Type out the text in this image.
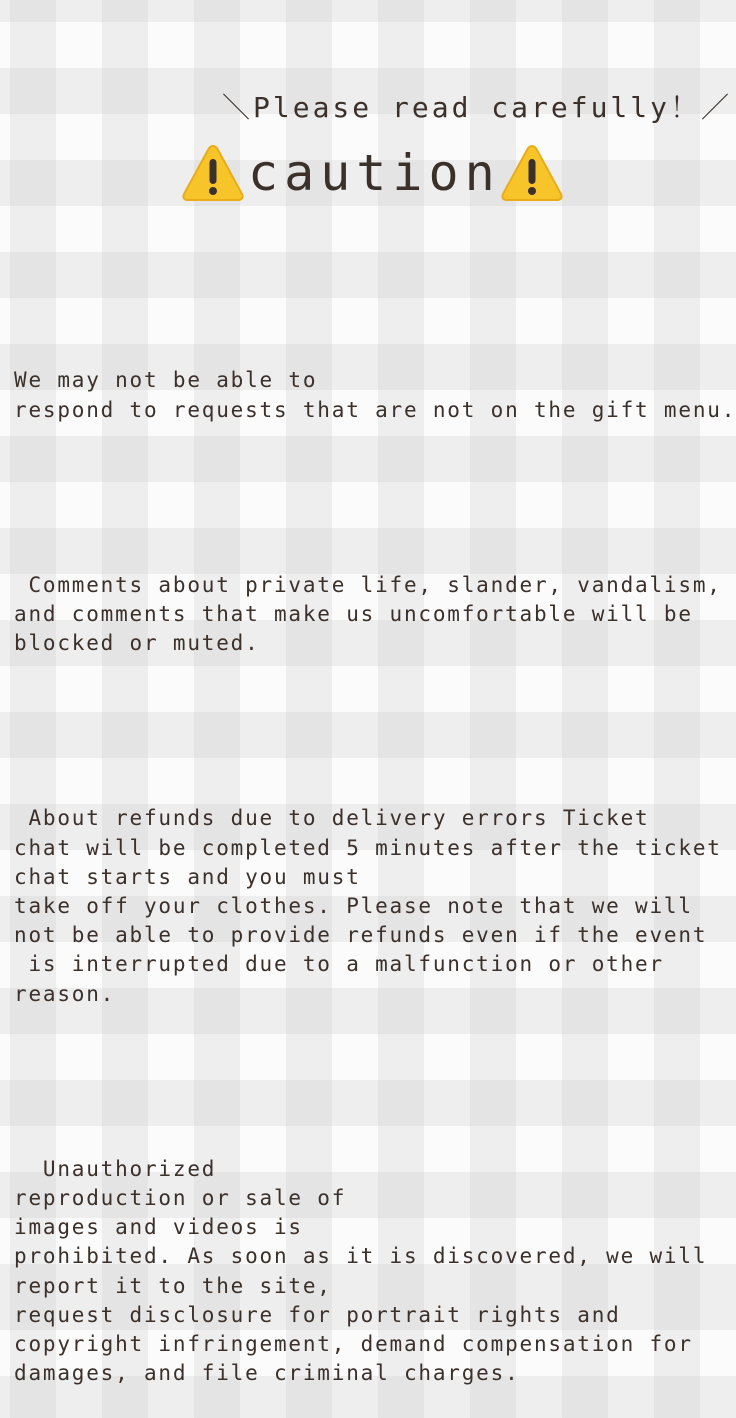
＼Please read carefully！／
caution

We may not be able to
respond to requests that are not on the gift menu.

Comments about private life, slander, vandalism,
and comments that make us uncomfortable will be
blocked or muted.

About refunds due to delivery errors Ticket
chat will be completed 5 minutes after the ticket
chat starts and you must
take off your clothes. Please note that we will
not be able to provide refunds even if the event
is interrupted due to a malfunction or other
reason.

Unauthorized
reproduction or sale of
images and videos is
prohibited. As soon as it is discovered, we will
report it to the site,
request disclosure for portrait rights and
copyright infringement, demand compensation for
damages, and file criminal charges.
